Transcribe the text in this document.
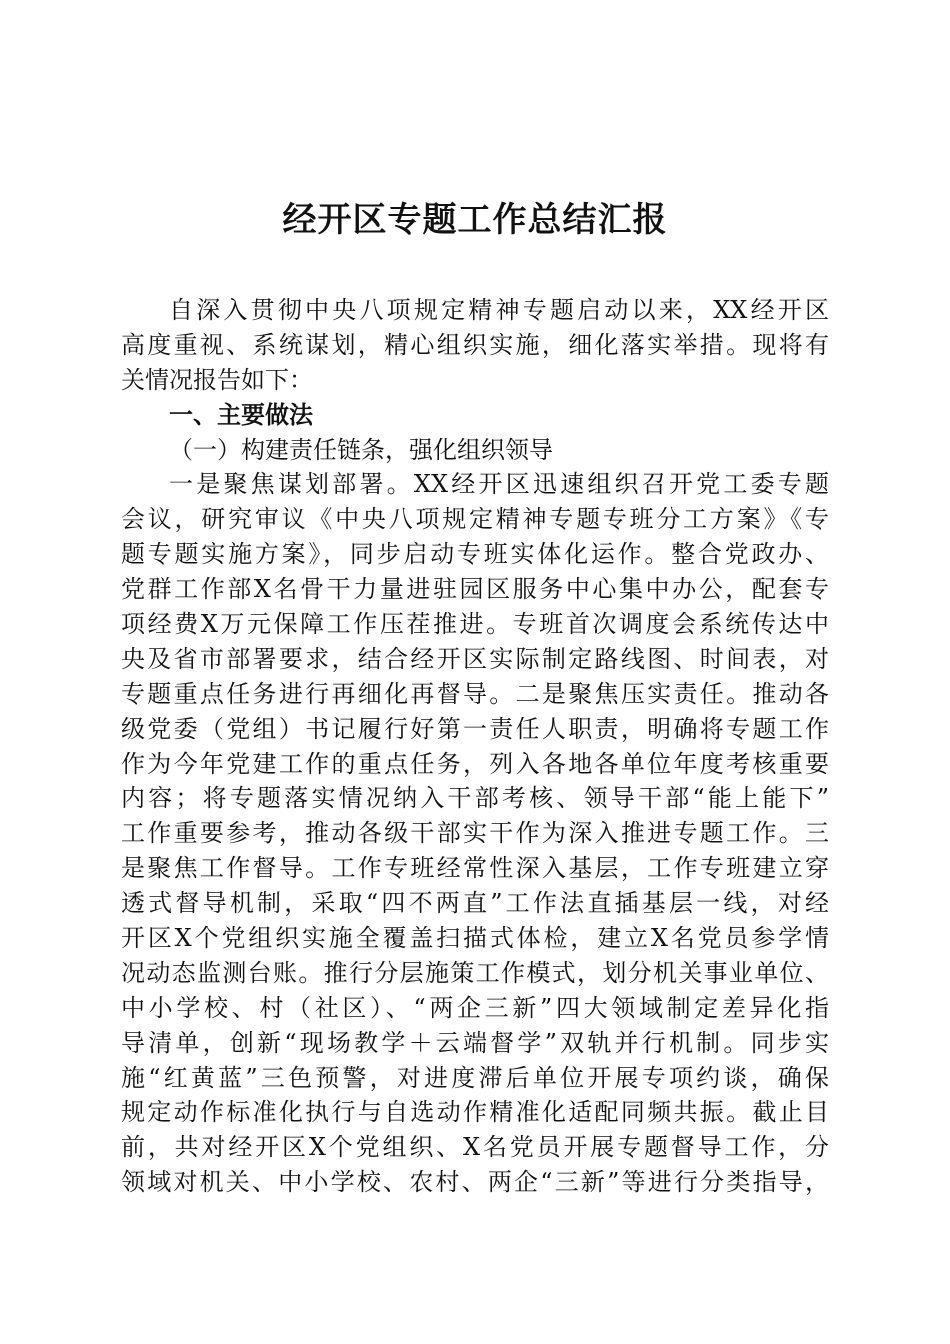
经开区专题工作总结汇报
自深入贯彻中央八项规定精神专题启动以来，XX经开区
高度重视、系统谋划，精心组织实施，细化落实举措。现将有
关情况报告如下：
一、主要做法
（一）构建责任链条，强化组织领导
一是聚焦谋划部署。XX经开区迅速组织召开党工委专题
会议，研究审议《中央八项规定精神专题专班分工方案》《专
题专题实施方案》，同步启动专班实体化运作。整合党政办、
党群工作部X名骨干力量进驻园区服务中心集中办公，配套专
项经费X万元保障工作压茬推进。专班首次调度会系统传达中
央及省市部署要求，结合经开区实际制定路线图、时间表，对
专题重点任务进行再细化再督导。二是聚焦压实责任。推动各
级党委（党组）书记履行好第一责任人职责，明确将专题工作
作为今年党建工作的重点任务，列入各地各单位年度考核重要
内容；将专题落实情况纳入干部考核、领导干部“能上能下”
工作重要参考，推动各级干部实干作为深入推进专题工作。三
是聚焦工作督导。工作专班经常性深入基层，工作专班建立穿
透式督导机制，采取“四不两直”工作法直插基层一线，对经
开区X个党组织实施全覆盖扫描式体检，建立X名党员参学情
况动态监测台账。推行分层施策工作模式，划分机关事业单位、
中小学校、村（社区）、“两企三新”四大领域制定差异化指
导清单，创新“现场教学＋云端督学”双轨并行机制。同步实
施“红黄蓝”三色预警，对进度滞后单位开展专项约谈，确保
规定动作标准化执行与自选动作精准化适配同频共振。截止目
前，共对经开区X个党组织、X名党员开展专题督导工作，分
领域对机关、中小学校、农村、两企“三新”等进行分类指导，
